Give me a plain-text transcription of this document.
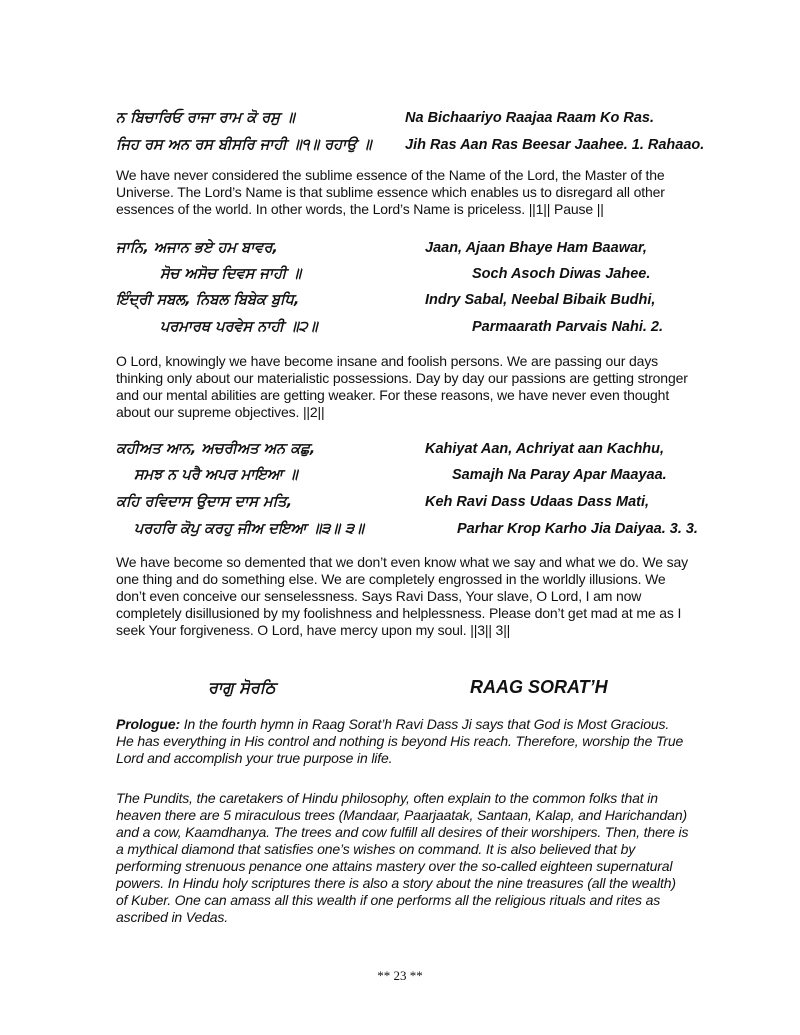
ਨ ਬਿਚਾਰਿਓ ਰਾਜਾ ਰਾਮ ਕੋ ਰਸੁ ॥	Na Bichaariyo Raajaa Raam Ko Ras.
ਜਿਹ ਰਸ ਅਨ ਰਸ ਬੀਸਰਿ ਜਾਹੀ ॥੧॥ ਰਹਾਉ ॥ Jih Ras Aan Ras Beesar Jaahee. 1. Rahaao.
We have never considered the sublime essence of the Name of the Lord, the Master of the Universe. The Lord’s Name is that sublime essence which enables us to disregard all other essences of the world. In other words, the Lord’s Name is priceless. ||1|| Pause ||
ਜਾਨਿ, ਅਜਾਨ ਭਏ ਹਮ ਬਾਵਰ,	Jaan, Ajaan Bhaye Ham Baawar,
ਸੋਚ ਅਸੋਚ ਦਿਵਸ ਜਾਹੀ ॥	Soch Asoch Diwas Jahee.
ਇੰਦ੍ਰੀ ਸਬਲ, ਨਿਬਲ ਬਿਬੇਕ ਬੁਧਿ,	Indry Sabal, Neebal Bibaik Budhi,
ਪਰਮਾਰਥ ਪਰਵੇਸ ਨਾਹੀ ॥੨॥	Parmaarath Parvais Nahi. 2.
O Lord, knowingly we have become insane and foolish persons. We are passing our days thinking only about our materialistic possessions. Day by day our passions are getting stronger and our mental abilities are getting weaker. For these reasons, we have never even thought about our supreme objectives. ||2||
ਕਹੀਅਤ ਆਨ, ਅਚਰੀਅਤ ਅਨ ਕਛੁ,	Kahiyat Aan, Achriyat aan Kachhu,
ਸਮਝ ਨ ਪਰੈ ਅਪਰ ਮਾਇਆ ॥	Samajh Na Paray Apar Maayaa.
ਕਹਿ ਰਵਿਦਾਸ ਉਦਾਸ ਦਾਸ ਮਤਿ,	Keh Ravi Dass Udaas Dass Mati,
ਪਰਹਰਿ ਕੋਪੁ ਕਰਹੁ ਜੀਅ ਦਇਆ ॥੩॥ ੩॥	Parhar Krop Karho Jia Daiyaa. 3. 3.
We have become so demented that we don’t even know what we say and what we do. We say one thing and do something else. We are completely engrossed in the worldly illusions. We don’t even conceive our senselessness. Says Ravi Dass, Your slave, O Lord, I am now completely disillusioned by my foolishness and helplessness. Please don’t get mad at me as I seek Your forgiveness. O Lord, have mercy upon my soul. ||3|| 3||
ਰਾਗੁ ਸੋਰਠਿ	RAAG SORAT’H
Prologue: In the fourth hymn in Raag Sorat’h Ravi Dass Ji says that God is Most Gracious. He has everything in His control and nothing is beyond His reach. Therefore, worship the True Lord and accomplish your true purpose in life.
The Pundits, the caretakers of Hindu philosophy, often explain to the common folks that in heaven there are 5 miraculous trees (Mandaar, Paarjaatak, Santaan, Kalap, and Harichandan) and a cow, Kaamdhanya. The trees and cow fulfill all desires of their worshipers. Then, there is a mythical diamond that satisfies one’s wishes on command. It is also believed that by performing strenuous penance one attains mastery over the so-called eighteen supernatural powers. In Hindu holy scriptures there is also a story about the nine treasures (all the wealth) of Kuber. One can amass all this wealth if one performs all the religious rituals and rites as ascribed in Vedas.
** 23 **
